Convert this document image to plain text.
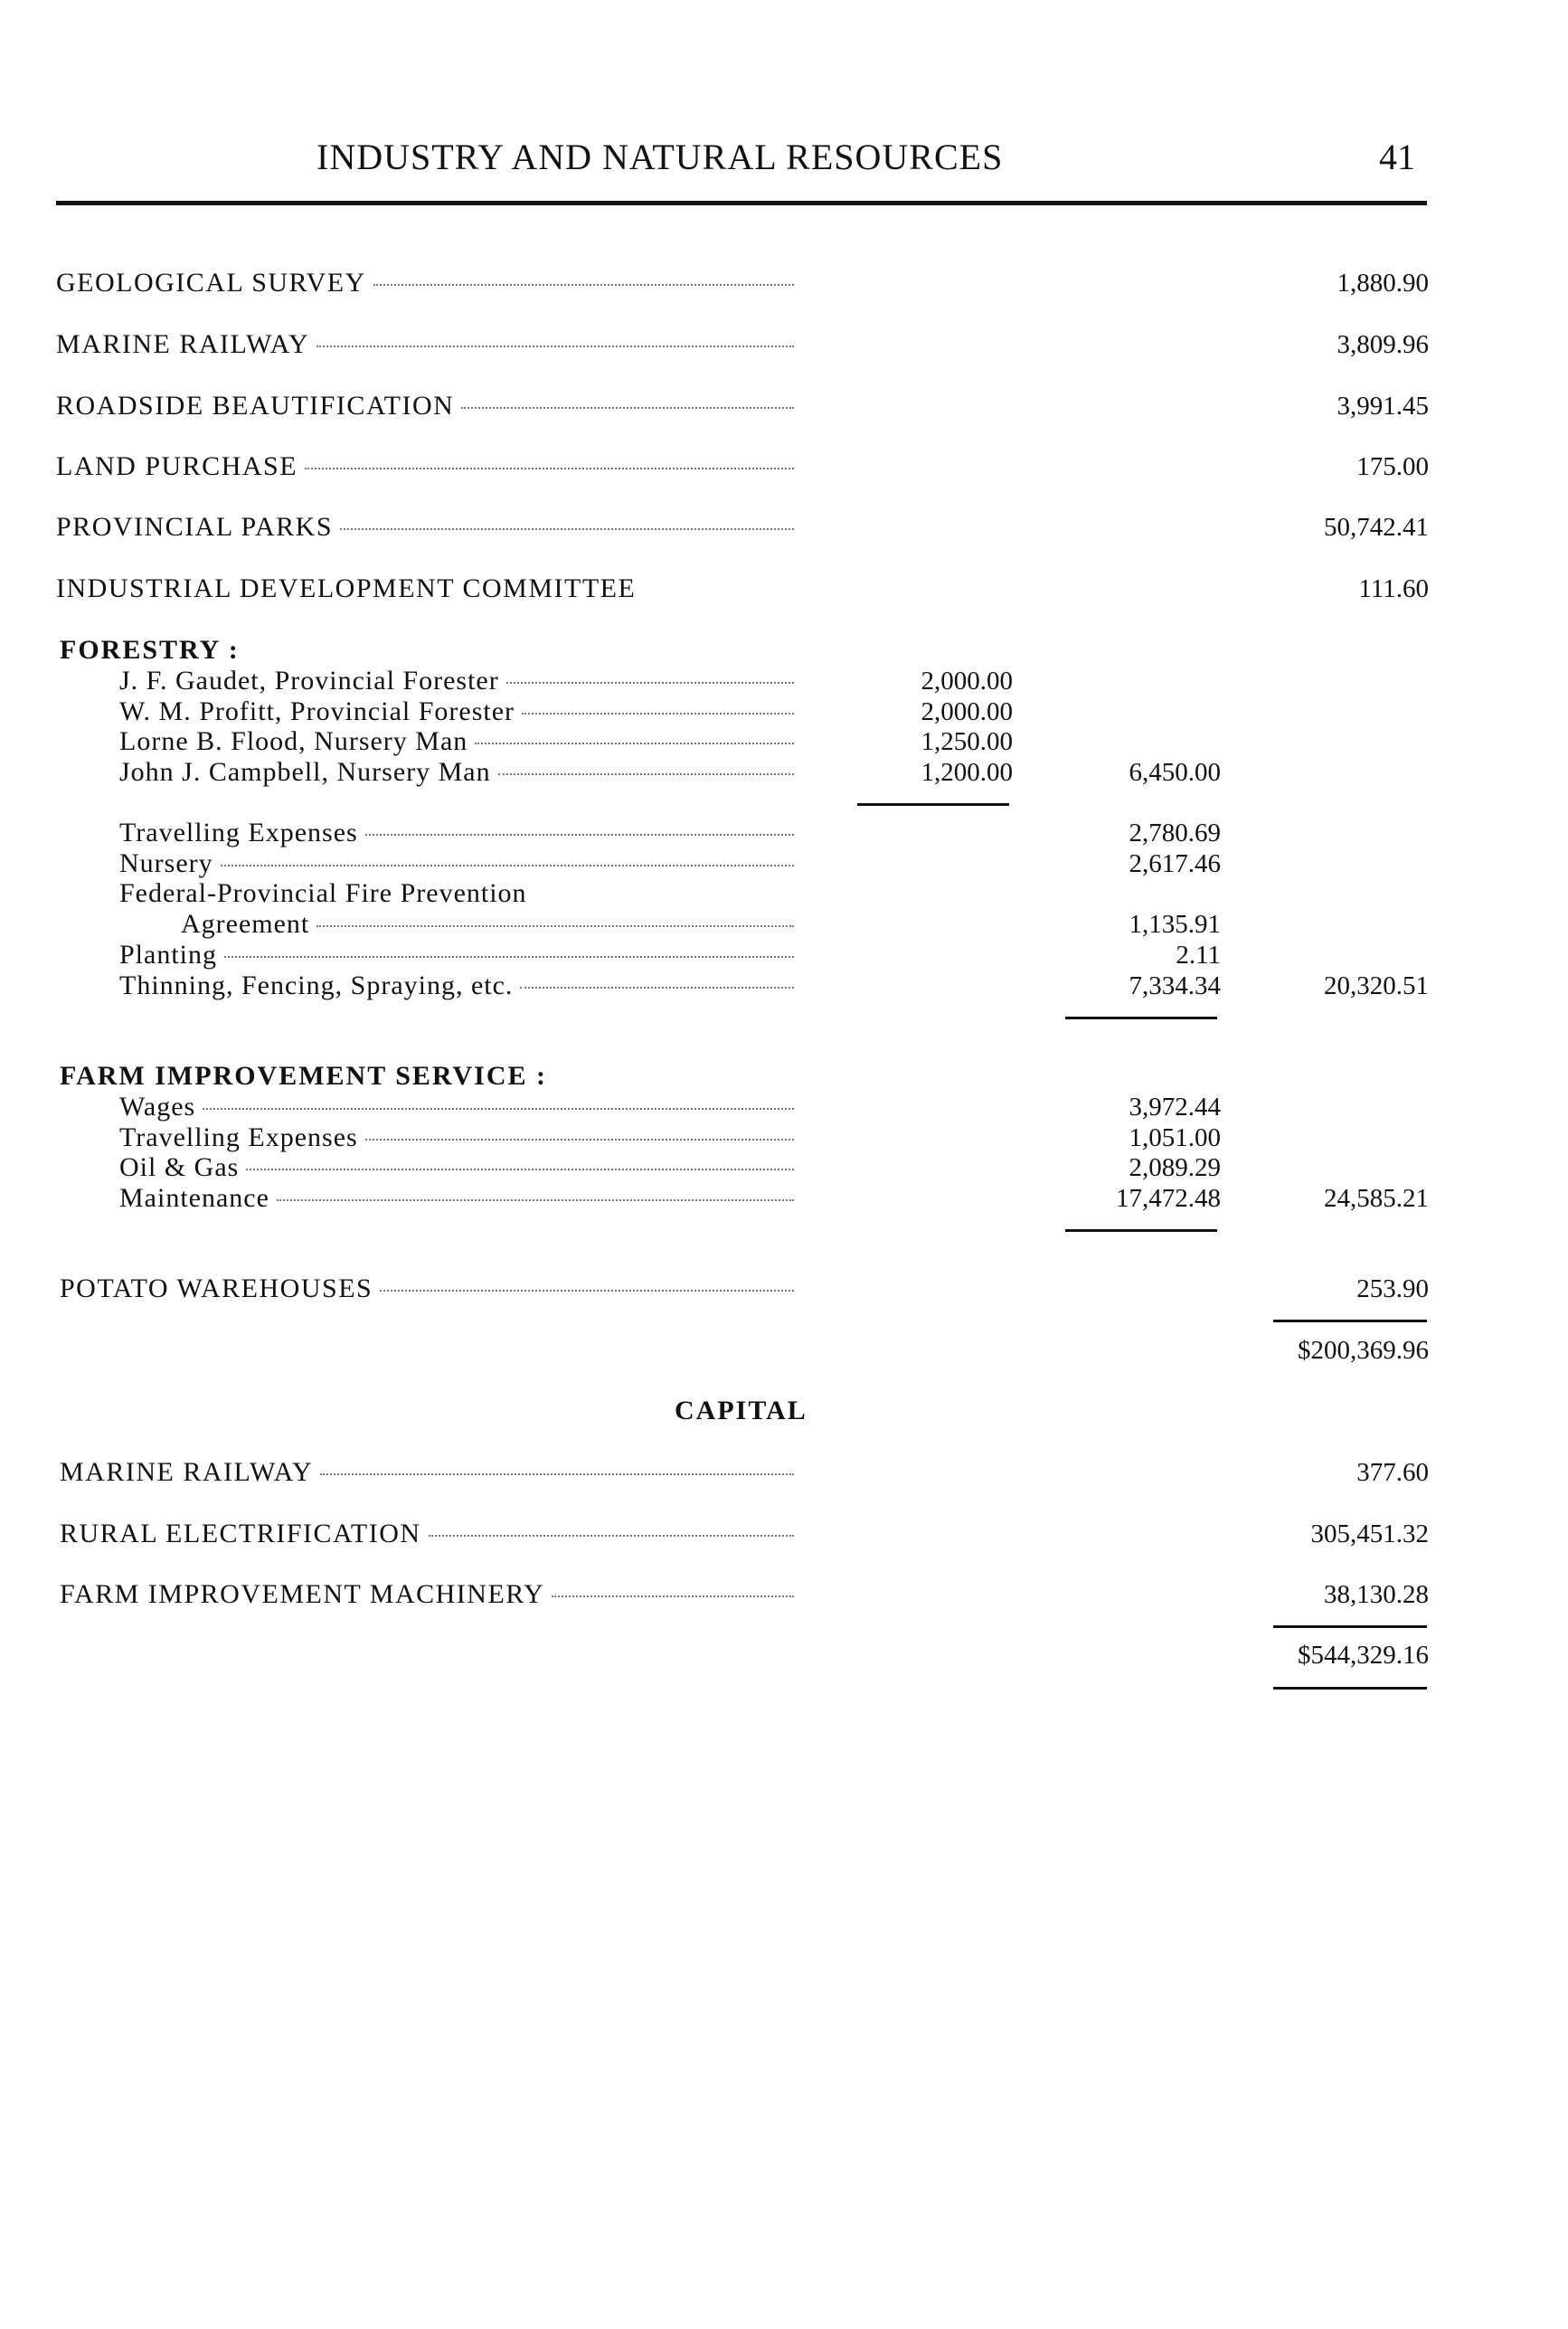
INDUSTRY AND NATURAL RESOURCES	41
GEOLOGICAL SURVEY	1,880.90
MARINE RAILWAY	3,809.96
ROADSIDE BEAUTIFICATION	3,991.45
LAND PURCHASE	175.00
PROVINCIAL PARKS	50,742.41
INDUSTRIAL DEVELOPMENT COMMITTEE	111.60
FORESTRY :
J. F. Gaudet, Provincial Forester	2,000.00
W. M. Profitt, Provincial Forester	2,000.00
Lorne B. Flood, Nursery Man	1,250.00
John J. Campbell, Nursery Man	1,200.00	6,450.00
Travelling Expenses	2,780.69
Nursery	2,617.46
Federal-Provincial Fire Prevention
Agreement	1,135.91
Planting	2.11
Thinning, Fencing, Spraying, etc.	7,334.34	20,320.51
FARM IMPROVEMENT SERVICE :
Wages	3,972.44
Travelling Expenses	1,051.00
Oil & Gas	2,089.29
Maintenance	17,472.48	24,585.21
POTATO WAREHOUSES	253.90
$200,369.96
CAPITAL
MARINE RAILWAY	377.60
RURAL ELECTRIFICATION	305,451.32
FARM IMPROVEMENT MACHINERY	38,130.28
$544,329.16
